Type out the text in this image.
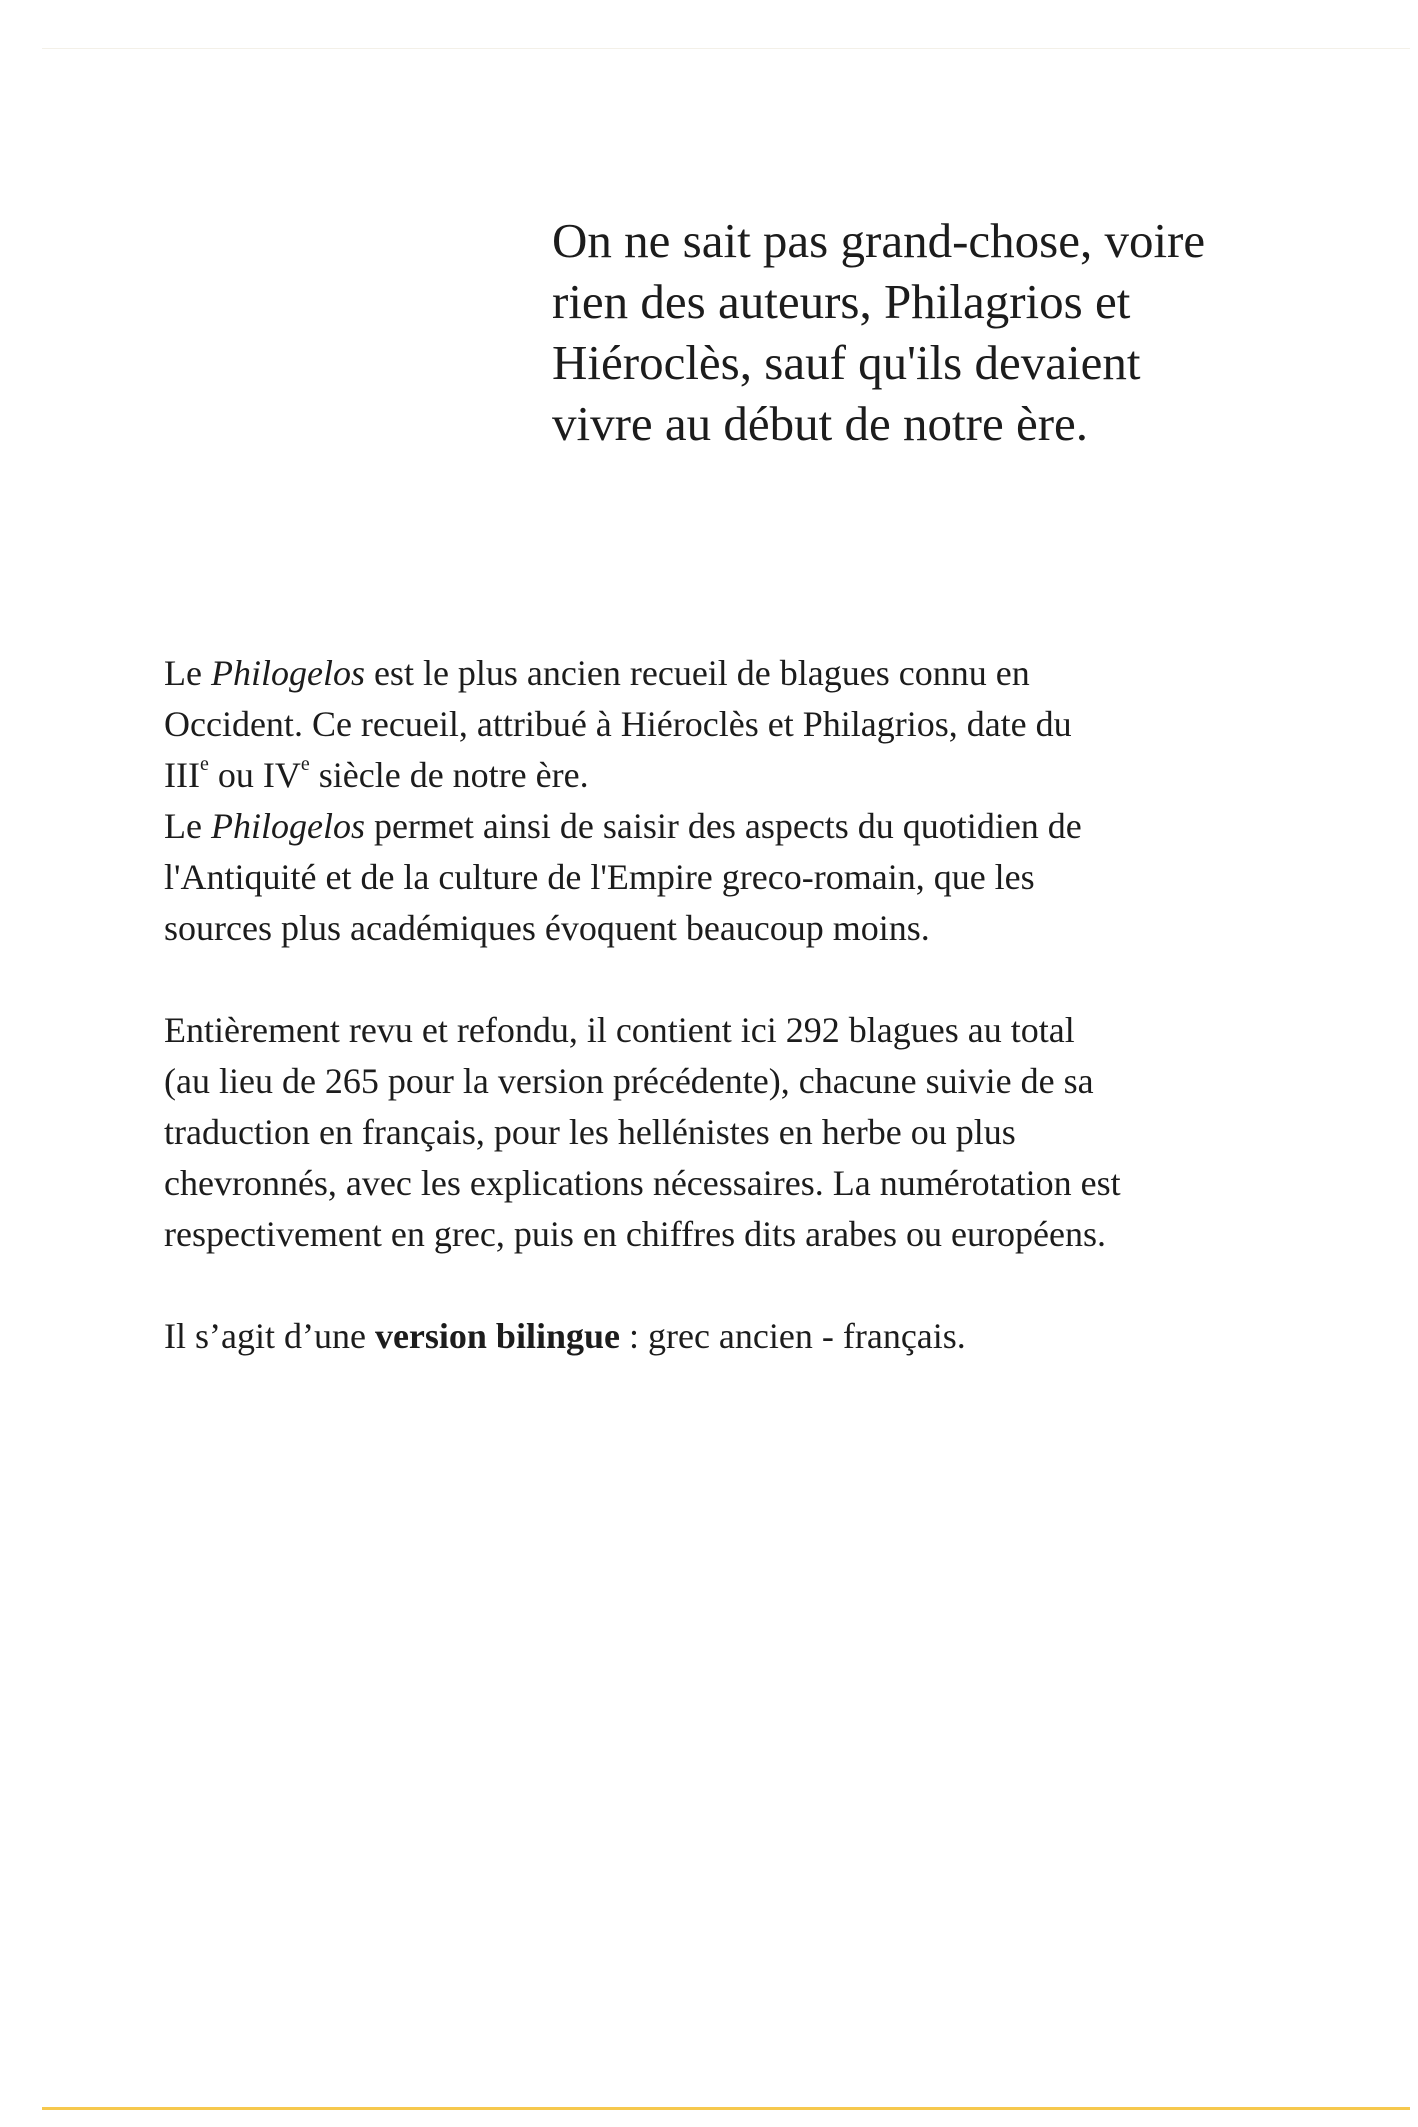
On ne sait pas grand-chose, voire
rien des auteurs, Philagrios et
Hiéroclès, sauf qu'ils devaient
vivre au début de notre ère.

Le Philogelos est le plus ancien recueil de blagues connu en
Occident. Ce recueil, attribué à Hiéroclès et Philagrios, date du
IIIe ou IVe siècle de notre ère.
Le Philogelos permet ainsi de saisir des aspects du quotidien de
l'Antiquité et de la culture de l'Empire greco-romain, que les
sources plus académiques évoquent beaucoup moins.

Entièrement revu et refondu, il contient ici 292 blagues au total
(au lieu de 265 pour la version précédente), chacune suivie de sa
traduction en français, pour les hellénistes en herbe ou plus
chevronnés, avec les explications nécessaires. La numérotation est
respectivement en grec, puis en chiffres dits arabes ou européens.

Il s’agit d’une version bilingue : grec ancien - français.
